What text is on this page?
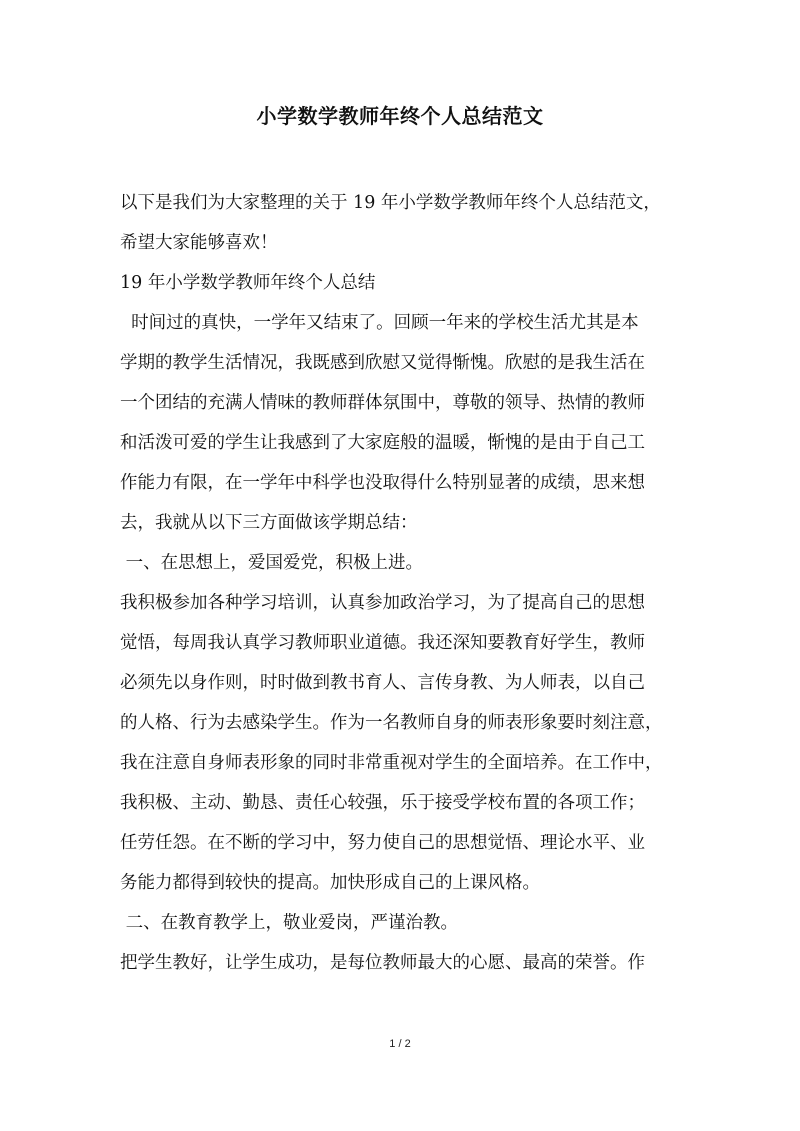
小学数学教师年终个人总结范文
以下是我们为大家整理的关于 19 年小学数学教师年终个人总结范文，
希望大家能够喜欢！
19 年小学数学教师年终个人总结
时间过的真快，一学年又结束了。回顾一年来的学校生活尤其是本
学期的教学生活情况，我既感到欣慰又觉得惭愧。欣慰的是我生活在
一个团结的充满人情味的教师群体氛围中，尊敬的领导、热情的教师
和活泼可爱的学生让我感到了大家庭般的温暖，惭愧的是由于自己工
作能力有限，在一学年中科学也没取得什么特别显著的成绩，思来想
去，我就从以下三方面做该学期总结：
一、在思想上，爱国爱党，积极上进。
我积极参加各种学习培训，认真参加政治学习，为了提高自己的思想
觉悟，每周我认真学习教师职业道德。我还深知要教育好学生，教师
必须先以身作则，时时做到教书育人、言传身教、为人师表，以自己
的人格、行为去感染学生。作为一名教师自身的师表形象要时刻注意，
我在注意自身师表形象的同时非常重视对学生的全面培养。在工作中，
我积极、主动、勤恳、责任心较强，乐于接受学校布置的各项工作；
任劳任怨。在不断的学习中，努力使自己的思想觉悟、理论水平、业
务能力都得到较快的提高。加快形成自己的上课风格。
二、在教育教学上，敬业爱岗，严谨治教。
把学生教好，让学生成功，是每位教师最大的心愿、最高的荣誉。作
1 / 2
